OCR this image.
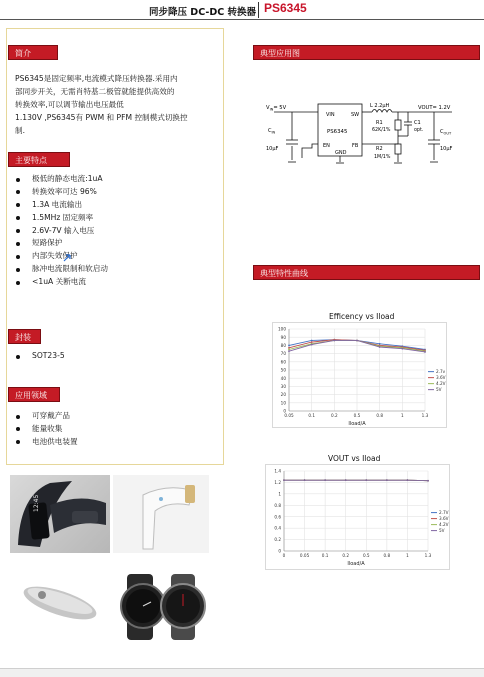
同步降压 DC-DC 转换器 PS6345
简介
PS6345是固定频率,电流模式降压转换器.采用内
部同步开关，无需肖特基二极管就能提供高效的
转换效率,可以调节输出电压最低
1.130V ,PS6345有 PWM 和 PFM 控制模式切换控
制.
主要特点
极低的静态电流:1uA
转换效率可达 96%
1.3A 电流输出
1.5MHz 固定频率
2.6V-7V 输入电压
短路保护
内部失效保护
脉冲电流限制和软启动
<1uA 关断电流
封装
SOT23-5
应用领域
可穿戴产品
能量收集
电池供电装置
12:45
典型应用图
$V_{IN}= 5V$
$C_{IN}$
10μF
VIN	SW
PS6345
EN	FB
GND
L 2.2μH	VOUT= 1.2V
R1
62K/1%
R2
1M/1%
C1
opt.	$C_{OUT}$
10μF
典型特性曲线
Efficency vs Iload
0
10
20
30
40
50
60
70
80
90
100
0.05	0.1	0.2	0.5	0.8	1	1.3
Iload/A
2.7v
3.6V
4.2V
5V
VOUT vs Iload
0
0.2
0.4
0.6
0.8
1
1.2
1.4
0	0.05	0.1	0.2	0.5	0.8	1	1.3
Iload/A
2.7V
3.6V
4.2V
5V
